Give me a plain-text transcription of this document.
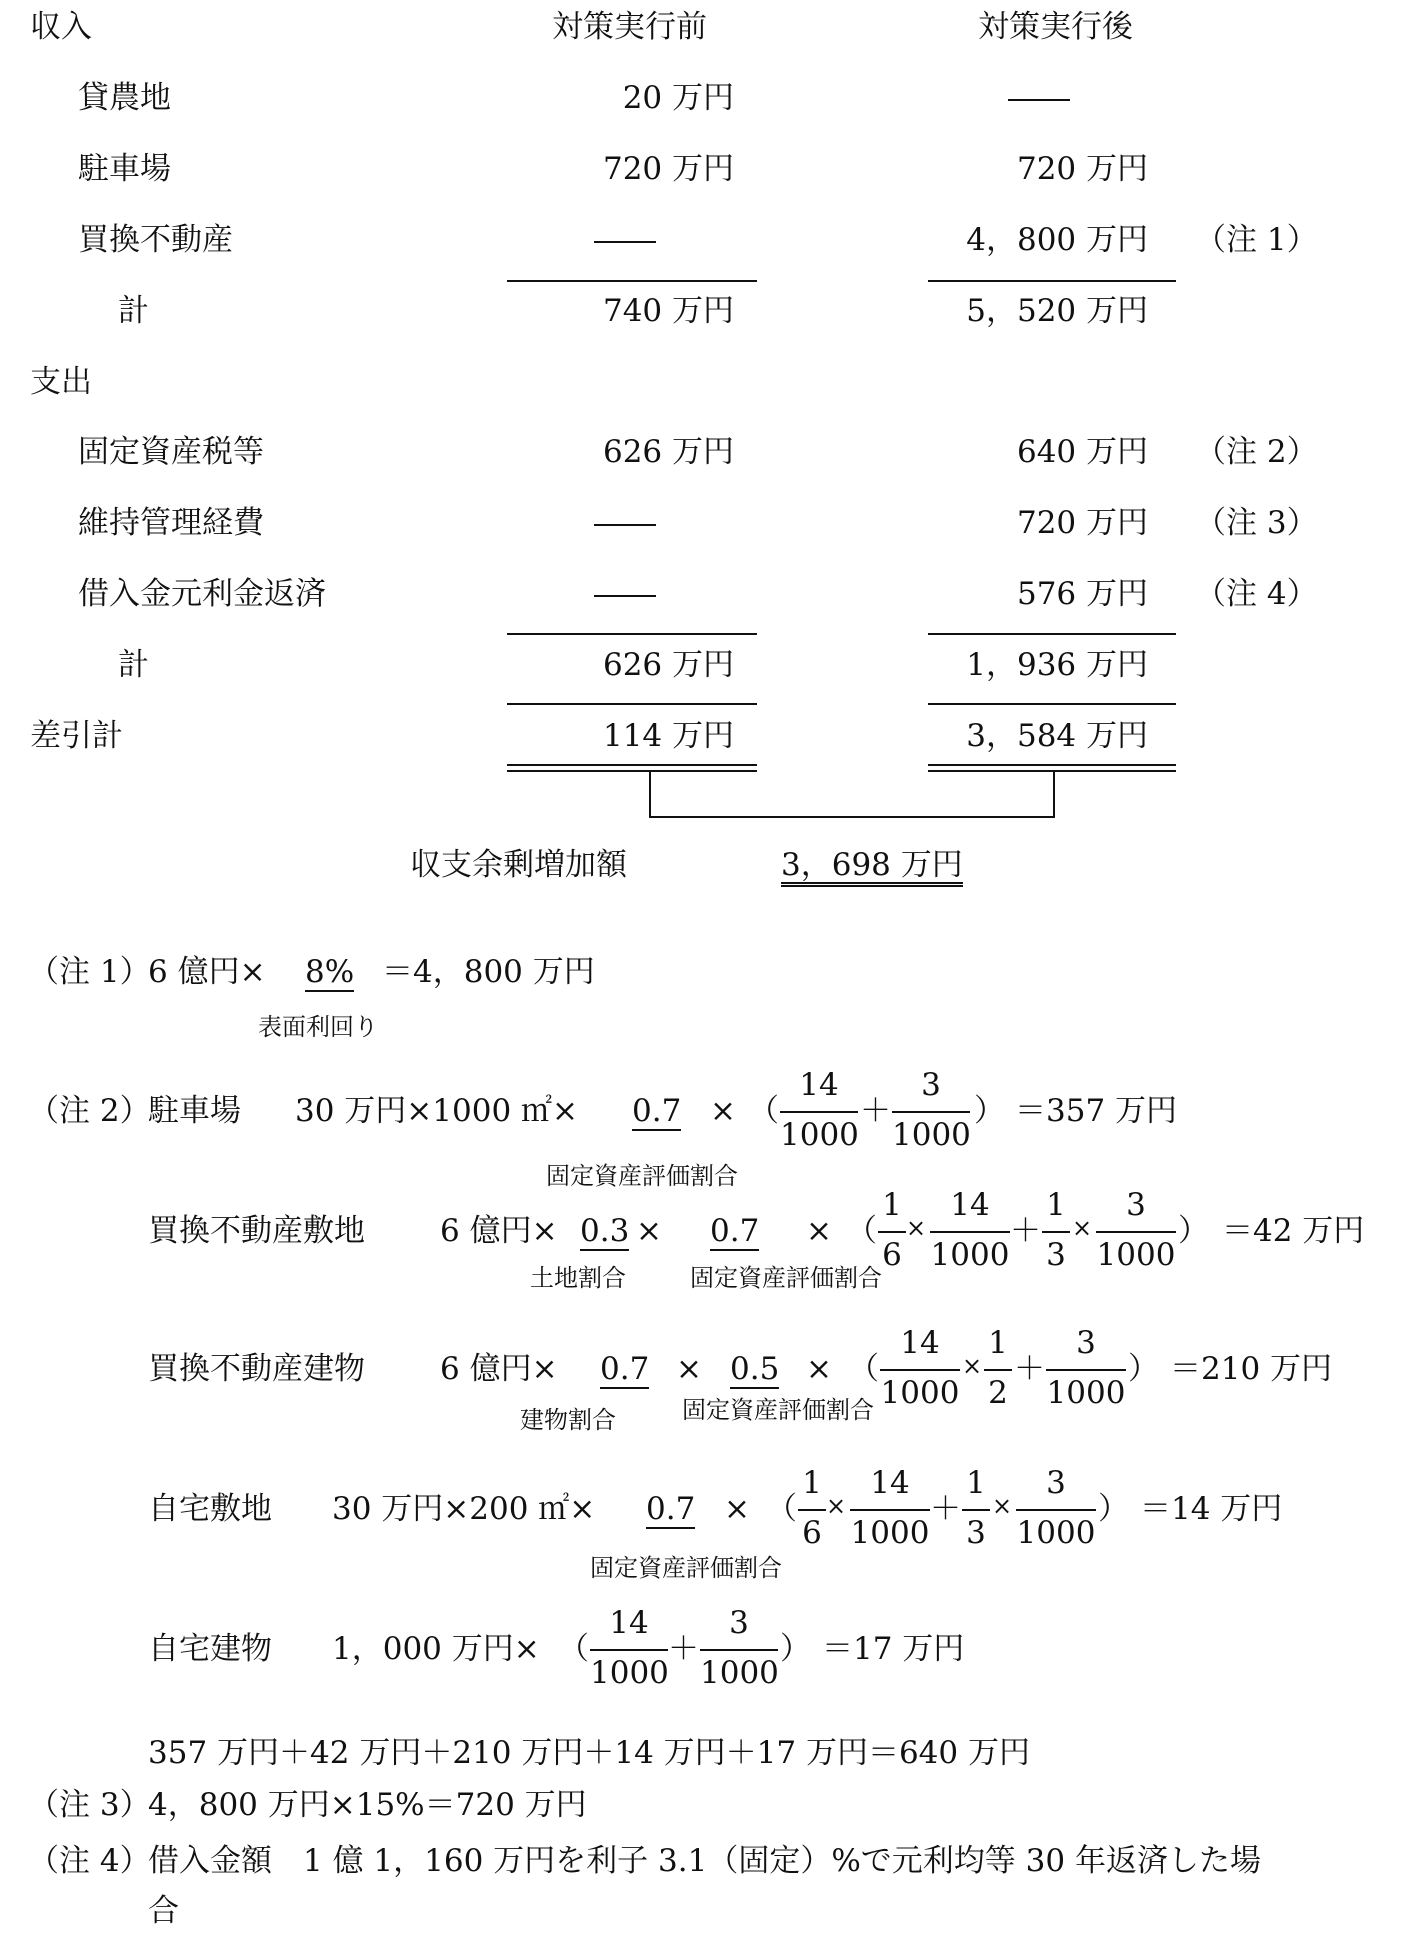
収入	対策実行前	対策実行後
貸農地	20 万円	――
駐車場	720 万円	720 万円
買換不動産	――	4，800 万円 （注 1）
計	740 万円	5，520 万円
支出
固定資産税等	626 万円	640 万円 （注 2）
維持管理経費	――	720 万円 （注 3）
借入金元利金返済	――	576 万円 （注 4）
計	626 万円	1，936 万円
差引計	114 万円	3，584 万円
収支余剰増加額	3，698 万円
（注 1）
6 億円× 8% ＝4，800 万円
表面利回り
（注 2）
駐車場 30 万円×1000 ㎡× 0.7 × （
14
1000
＋
3
1000
） ＝357 万円
固定資産評価割合
買換不動産敷地 6 億円× 0.3 × 0.7 × （
1
6
×
14
1000
＋
1
3
×
3
1000
） ＝42 万円
土地割合	固定資産評価割合
買換不動産建物 6 億円× 0.7 × 0.5 × （
14
1000
×
1
2
＋
3
1000
） ＝210 万円
建物割合	固定資産評価割合
自宅敷地 30 万円×200 ㎡× 0.7 × （
1
6
×
14
1000
＋
1
3
×
3
1000
） ＝14 万円
固定資産評価割合
自宅建物 1，000 万円× （
14
1000
＋
3
1000
） ＝17 万円
357 万円＋42 万円＋210 万円＋14 万円＋17 万円＝640 万円
（注 3）
4，800 万円×15%＝720 万円
（注 4）
借入金額　1 億 1，160 万円を利子 3.1（固定）%で元利均等 30 年返済した場
合
